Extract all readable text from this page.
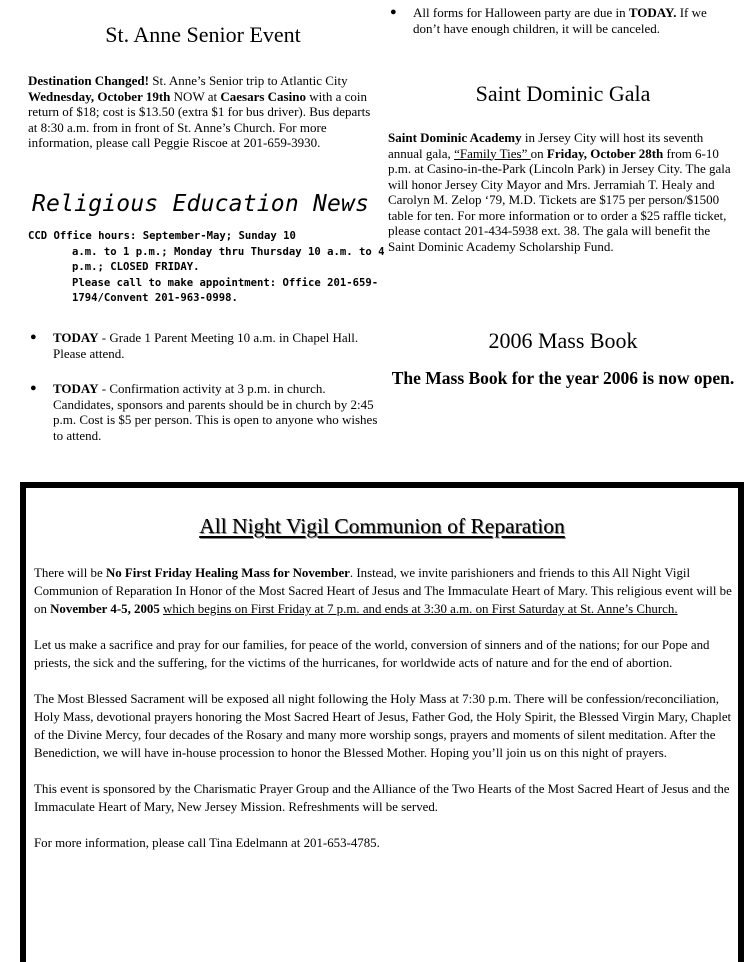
St. Anne Senior Event

Destination Changed! St. Anne’s Senior trip to Atlantic City Wednesday, October 19th NOW at Caesars Casino with a coin return of $18; cost is $13.50 (extra $1 for bus driver). Bus departs at 8:30 a.m. from in front of St. Anne’s Church. For more information, please call Peggie Riscoe at 201-659-3930.

Religious Education News
CCD Office hours: September-May; Sunday 10
a.m. to 1 p.m.; Monday thru Thursday 10 a.m. to 4 p.m.; CLOSED FRIDAY.
Please call to make appointment: Office 201-659-1794/Convent 201-963-0998.
● TODAY - Grade 1 Parent Meeting 10 a.m. in Chapel Hall. Please attend.
● TODAY - Confirmation activity at 3 p.m. in church. Candidates, sponsors and parents should be in church by 2:45 p.m. Cost is $5 per person. This is open to anyone who wishes to attend.
● All forms for Halloween party are due in TODAY. If we don’t have enough children, it will be canceled.
Saint Dominic Gala

Saint Dominic Academy in Jersey City will host its seventh annual gala, “Family Ties” on Friday, October 28th from 6-10 p.m. at Casino-in-the-Park (Lincoln Park) in Jersey City. The gala will honor Jersey City Mayor and Mrs. Jerramiah T. Healy and Carolyn M. Zelop ‘79, M.D. Tickets are $175 per person/$1500 table for ten. For more information or to order a $25 raffle ticket, please contact 201-434-5938 ext. 38. The gala will benefit the Saint Dominic Academy Scholarship Fund.

2006 Mass Book

The Mass Book for the year 2006 is now open.

All Night Vigil Communion of Reparation

There will be No First Friday Healing Mass for November. Instead, we invite parishioners and friends to this All Night Vigil Communion of Reparation In Honor of the Most Sacred Heart of Jesus and The Immaculate Heart of Mary. This religious event will be on November 4-5, 2005 which begins on First Friday at 7 p.m. and ends at 3:30 a.m. on First Saturday at St. Anne’s Church.

Let us make a sacrifice and pray for our families, for peace of the world, conversion of sinners and of the nations; for our Pope and priests, the sick and the suffering, for the victims of the hurricanes, for worldwide acts of nature and for the end of abortion.

The Most Blessed Sacrament will be exposed all night following the Holy Mass at 7:30 p.m. There will be confession/reconciliation, Holy Mass, devotional prayers honoring the Most Sacred Heart of Jesus, Father God, the Holy Spirit, the Blessed Virgin Mary, Chaplet of the Divine Mercy, four decades of the Rosary and many more worship songs, prayers and moments of silent meditation. After the Benediction, we will have in-house procession to honor the Blessed Mother. Hoping you’ll join us on this night of prayers.

This event is sponsored by the Charismatic Prayer Group and the Alliance of the Two Hearts of the Most Sacred Heart of Jesus and the Immaculate Heart of Mary, New Jersey Mission. Refreshments will be served.

For more information, please call Tina Edelmann at 201-653-4785.
